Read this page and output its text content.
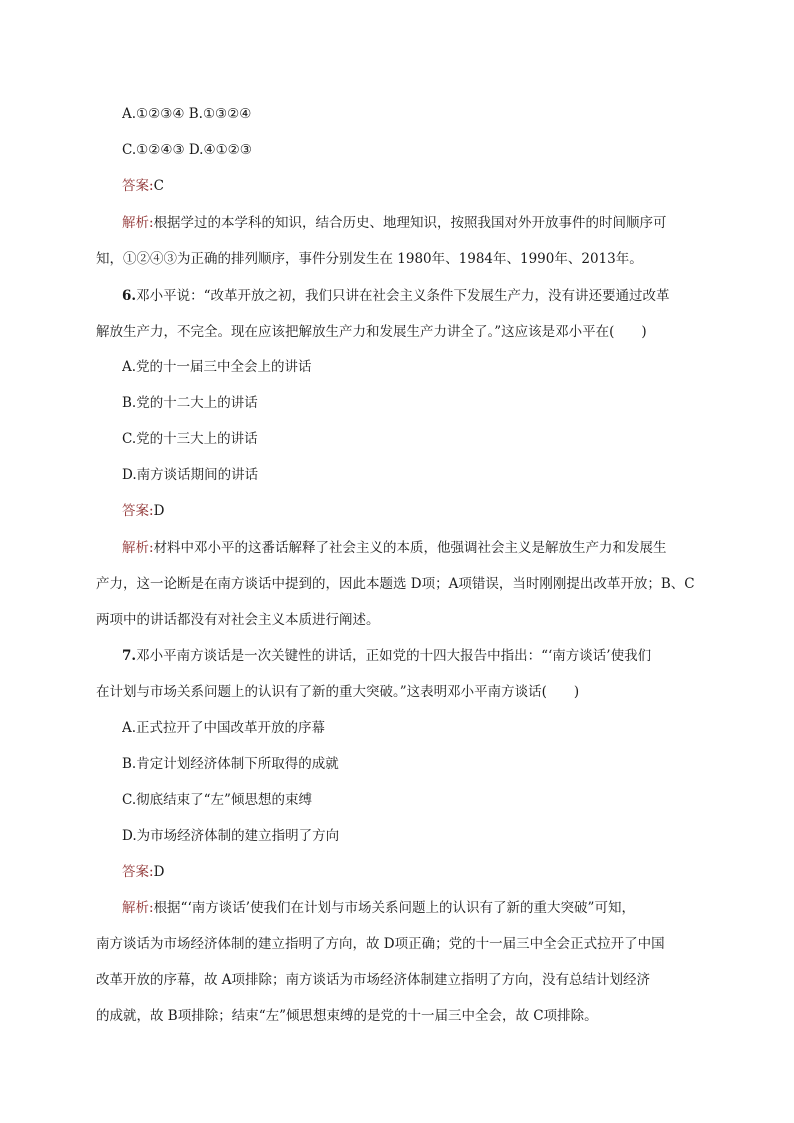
A.①②③④ B.①③②④
C.①②④③ D.④①②③
答案:C
解析:根据学过的本学科的知识，结合历史、地理知识，按照我国对外开放事件的时间顺序可
知，①②④③为正确的排列顺序，事件分别发生在 1980年、1984年、1990年、2013年。
6.邓小平说：“改革开放之初，我们只讲在社会主义条件下发展生产力，没有讲还要通过改革
解放生产力，不完全。现在应该把解放生产力和发展生产力讲全了。”这应该是邓小平在(　　)
A.党的十一届三中全会上的讲话
B.党的十二大上的讲话
C.党的十三大上的讲话
D.南方谈话期间的讲话
答案:D
解析:材料中邓小平的这番话解释了社会主义的本质，他强调社会主义是解放生产力和发展生
产力，这一论断是在南方谈话中提到的，因此本题选 D项；A项错误，当时刚刚提出改革开放；B、C
两项中的讲话都没有对社会主义本质进行阐述。
7.邓小平南方谈话是一次关键性的讲话，正如党的十四大报告中指出：“‘南方谈话’使我们
在计划与市场关系问题上的认识有了新的重大突破。”这表明邓小平南方谈话(　　)
A.正式拉开了中国改革开放的序幕
B.肯定计划经济体制下所取得的成就
C.彻底结束了“左”倾思想的束缚
D.为市场经济体制的建立指明了方向
答案:D
解析:根据“‘南方谈话’使我们在计划与市场关系问题上的认识有了新的重大突破”可知，
南方谈话为市场经济体制的建立指明了方向，故 D项正确；党的十一届三中全会正式拉开了中国
改革开放的序幕，故 A项排除；南方谈话为市场经济体制建立指明了方向，没有总结计划经济
的成就，故 B项排除；结束“左”倾思想束缚的是党的十一届三中全会，故 C项排除。
